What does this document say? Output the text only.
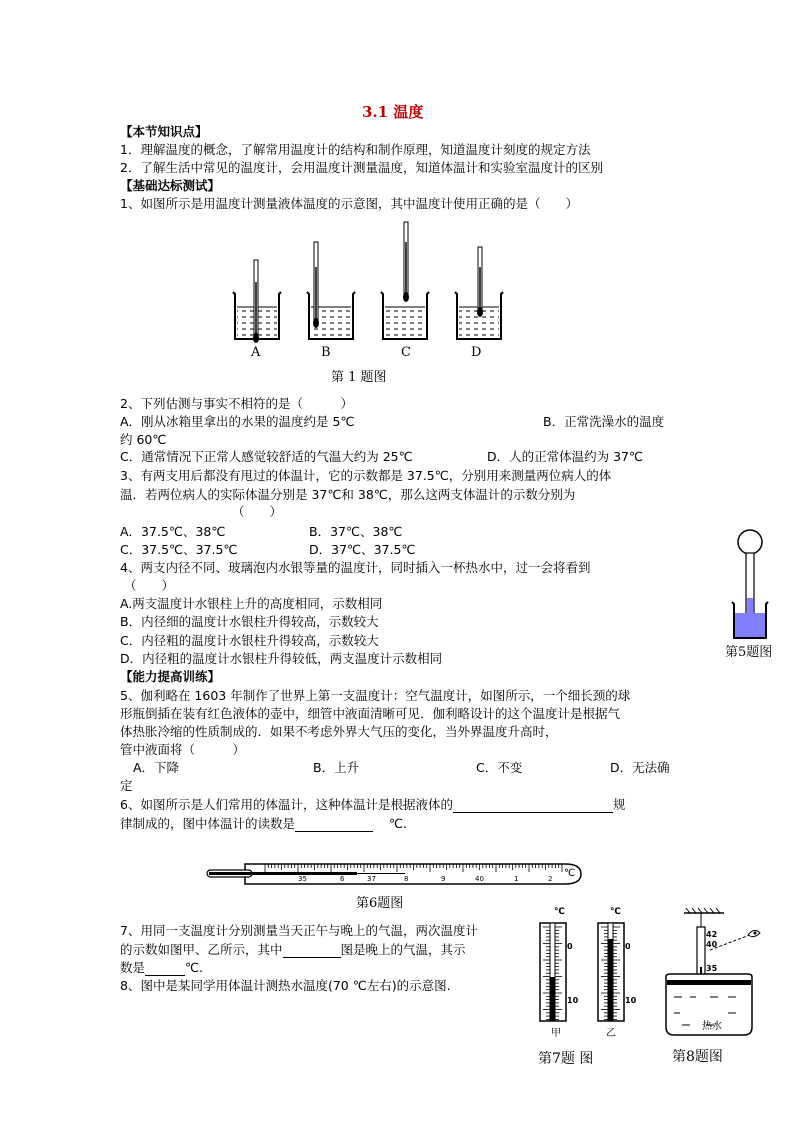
3.1 温度
【本节知识点】
1．理解温度的概念，了解常用温度计的结构和制作原理，知道温度计刻度的规定方法
2．了解生活中常见的温度计，会用温度计测量温度，知道体温计和实验室温度计的区别
【基础达标测试】
1、如图所示是用温度计测量液体温度的示意图，其中温度计使用正确的是（　　）
A	B	C	D
第 1 题图
2、下列估测与事实不相符的是（　　　）
A．刚从冰箱里拿出的水果的温度约是 5℃	B．正常洗澡水的温度
约 60℃
C．通常情况下正常人感觉较舒适的气温大约为 25℃	D．人的正常体温约为 37℃
3、有两支用后都没有甩过的体温计，它的示数都是 37.5℃，分别用来测量两位病人的体
温．若两位病人的实际体温分别是 37℃和 38℃，那么这两支体温计的示数分别为
（　　）
A．37.5℃、38℃	B．37℃、38℃
C．37.5℃、37.5℃	D．37℃、37.5℃
4、两支内径不同、玻璃泡内水银等量的温度计，同时插入一杯热水中，过一会将看到
（　　）
A.两支温度计水银柱上升的高度相同，示数相同
B．内径细的温度计水银柱升得较高，示数较大
C．内径粗的温度计水银柱升得较高，示数较大
D．内径粗的温度计水银柱升得较低，两支温度计示数相同	第5题图
【能力提高训练】
5、伽利略在 1603 年制作了世界上第一支温度计：空气温度计，如图所示，一个细长颈的球
形瓶倒插在装有红色液体的壶中，细管中液面清晰可见．伽利略设计的这个温度计是根据气
体热胀冷缩的性质制成的．如果不考虑外界大气压的变化，当外界温度升高时，
管中液面将（　　　）
A．下降	B．上升	C．不变	D．无法确
定
6、如图所示是人们常用的体温计，这种体温计是根据液体的	规
律制成的，图中体温计的读数是	℃.
35	6	37	8	9	40	1	2 ℃
第6题图
7、用同一支温度计分别测量当天正午与晚上的气温，两次温度计
的示数如图甲、乙所示，其中	图是晚上的气温，其示
数是	℃.
8、图中是某同学用体温计测热水温度(70 ℃左右)的示意图.
℃	℃
0	0
10	10
甲	乙
第7题 图
42
40
35
热水
第8题图
